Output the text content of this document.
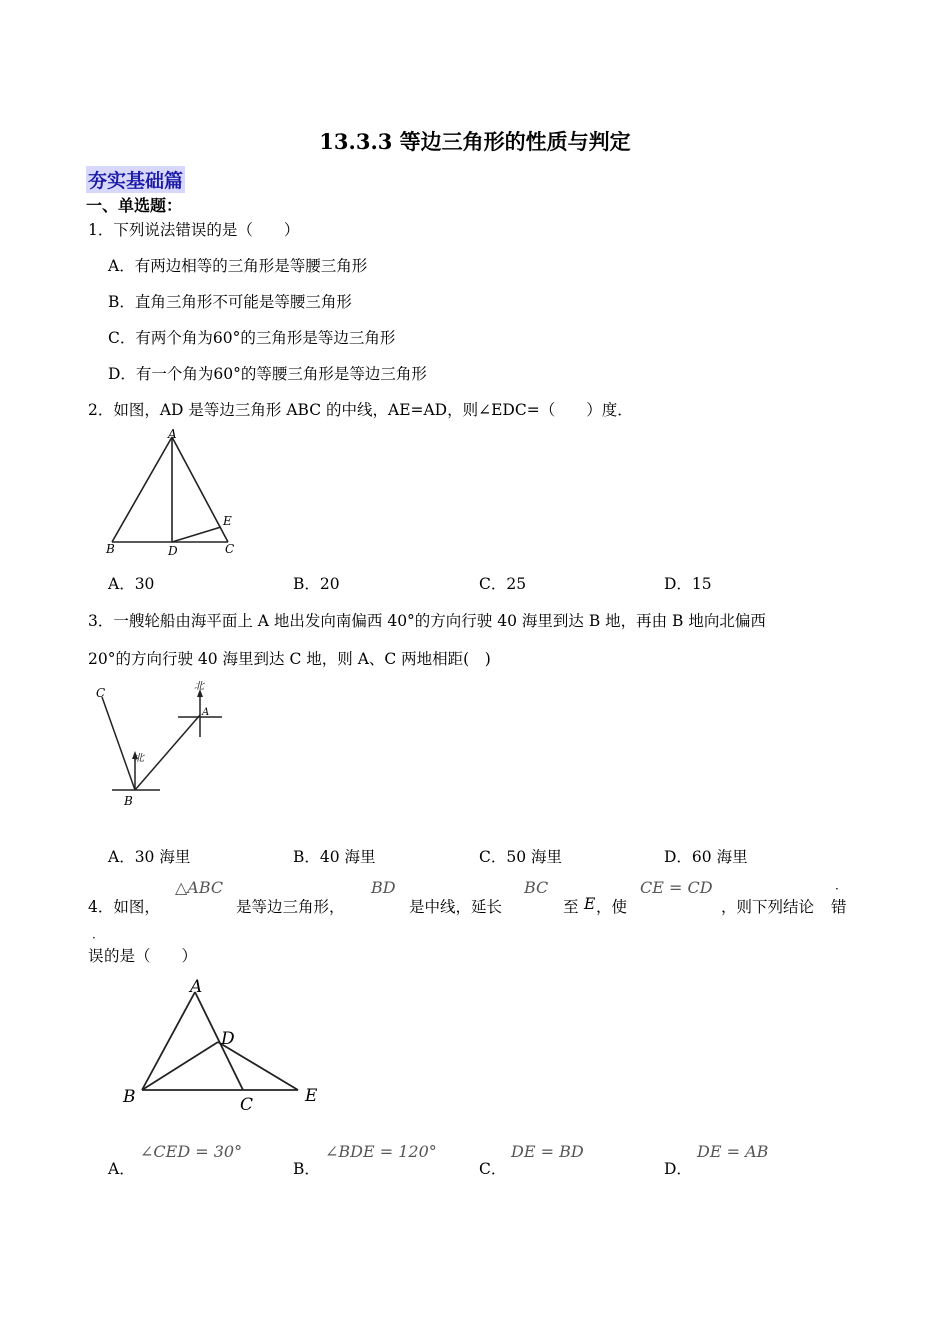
13.3.3 等边三角形的性质与判定
夯实基础篇
一、单选题：
1．下列说法错误的是（　　）
A．有两边相等的三角形是等腰三角形
B．直角三角形不可能是等腰三角形
C．有两个角为60°的三角形是等边三角形
D．有一个角为60°的等腰三角形是等边三角形
2．如图，AD 是等边三角形 ABC 的中线，AE=AD，则∠EDC=（　　）度．
A
B	D	C
E
A．30	B．20	C．25	D．15
3．一艘轮船由海平面上 A 地出发向南偏西 40°的方向行驶 40 海里到达 B 地，再由 B 地向北偏西
20°的方向行驶 40 海里到达 C 地，则 A、C 两地相距(　)
C
A
B
北
北
A．30 海里	B．40 海里	C．50 海里	D．60 海里
4．如图，
△ABC
是等边三角形，
BD
是中线，延长
BC
至 E ，使
CE = CD
，则下列结论 错
·
误
·
的是（　　）
A
D
B	C	E
A．
∠CED = 30°
B．
∠BDE = 120°
C．
DE = BD
D．
DE = AB
